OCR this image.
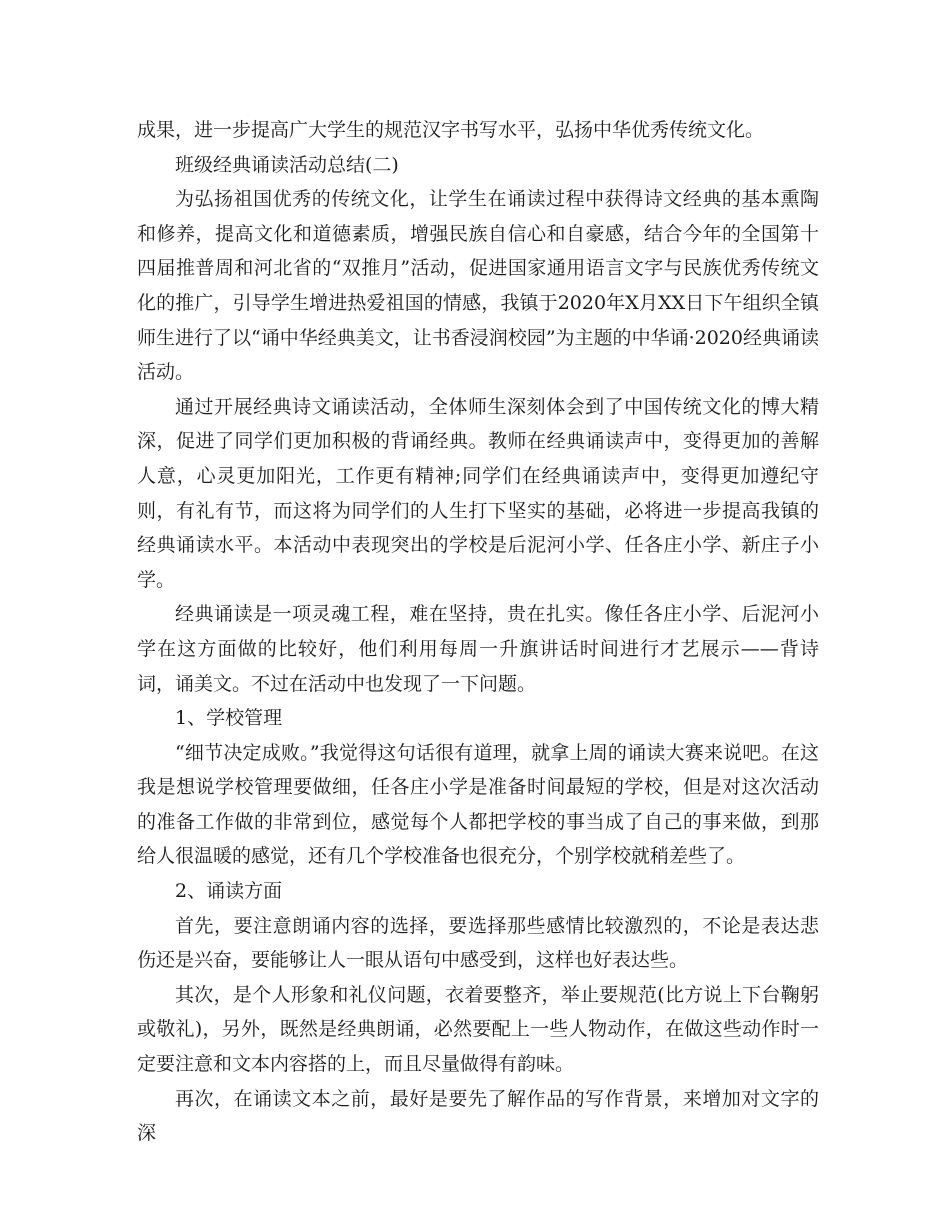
成果，进一步提高广大学生的规范汉字书写水平，弘扬中华优秀传统文化。

班级经典诵读活动总结(二)

为弘扬祖国优秀的传统文化，让学生在诵读过程中获得诗文经典的基本熏陶和修养，提高文化和道德素质，增强民族自信心和自豪感，结合今年的全国第十四届推普周和河北省的“双推月”活动，促进国家通用语言文字与民族优秀传统文化的推广，引导学生增进热爱祖国的情感，我镇于2020年X月XX日下午组织全镇师生进行了以“诵中华经典美文，让书香浸润校园”为主题的中华诵·2020经典诵读活动。

通过开展经典诗文诵读活动，全体师生深刻体会到了中国传统文化的博大精深，促进了同学们更加积极的背诵经典。教师在经典诵读声中，变得更加的善解人意，心灵更加阳光，工作更有精神;同学们在经典诵读声中，变得更加遵纪守则，有礼有节，而这将为同学们的人生打下坚实的基础，必将进一步提高我镇的经典诵读水平。本活动中表现突出的学校是后泥河小学、任各庄小学、新庄子小学。

经典诵读是一项灵魂工程，难在坚持，贵在扎实。像任各庄小学、后泥河小学在这方面做的比较好，他们利用每周一升旗讲话时间进行才艺展示——背诗词，诵美文。不过在活动中也发现了一下问题。

1、学校管理

“细节决定成败。”我觉得这句话很有道理，就拿上周的诵读大赛来说吧。在这我是想说学校管理要做细，任各庄小学是准备时间最短的学校，但是对这次活动的准备工作做的非常到位，感觉每个人都把学校的事当成了自己的事来做，到那给人很温暖的感觉，还有几个学校准备也很充分，个别学校就稍差些了。

2、诵读方面

首先，要注意朗诵内容的选择，要选择那些感情比较激烈的，不论是表达悲伤还是兴奋，要能够让人一眼从语句中感受到，这样也好表达些。

其次，是个人形象和礼仪问题，衣着要整齐，举止要规范(比方说上下台鞠躬或敬礼)，另外，既然是经典朗诵，必然要配上一些人物动作，在做这些动作时一定要注意和文本内容搭的上，而且尽量做得有韵味。

再次，在诵读文本之前，最好是要先了解作品的写作背景，来增加对文字的深
